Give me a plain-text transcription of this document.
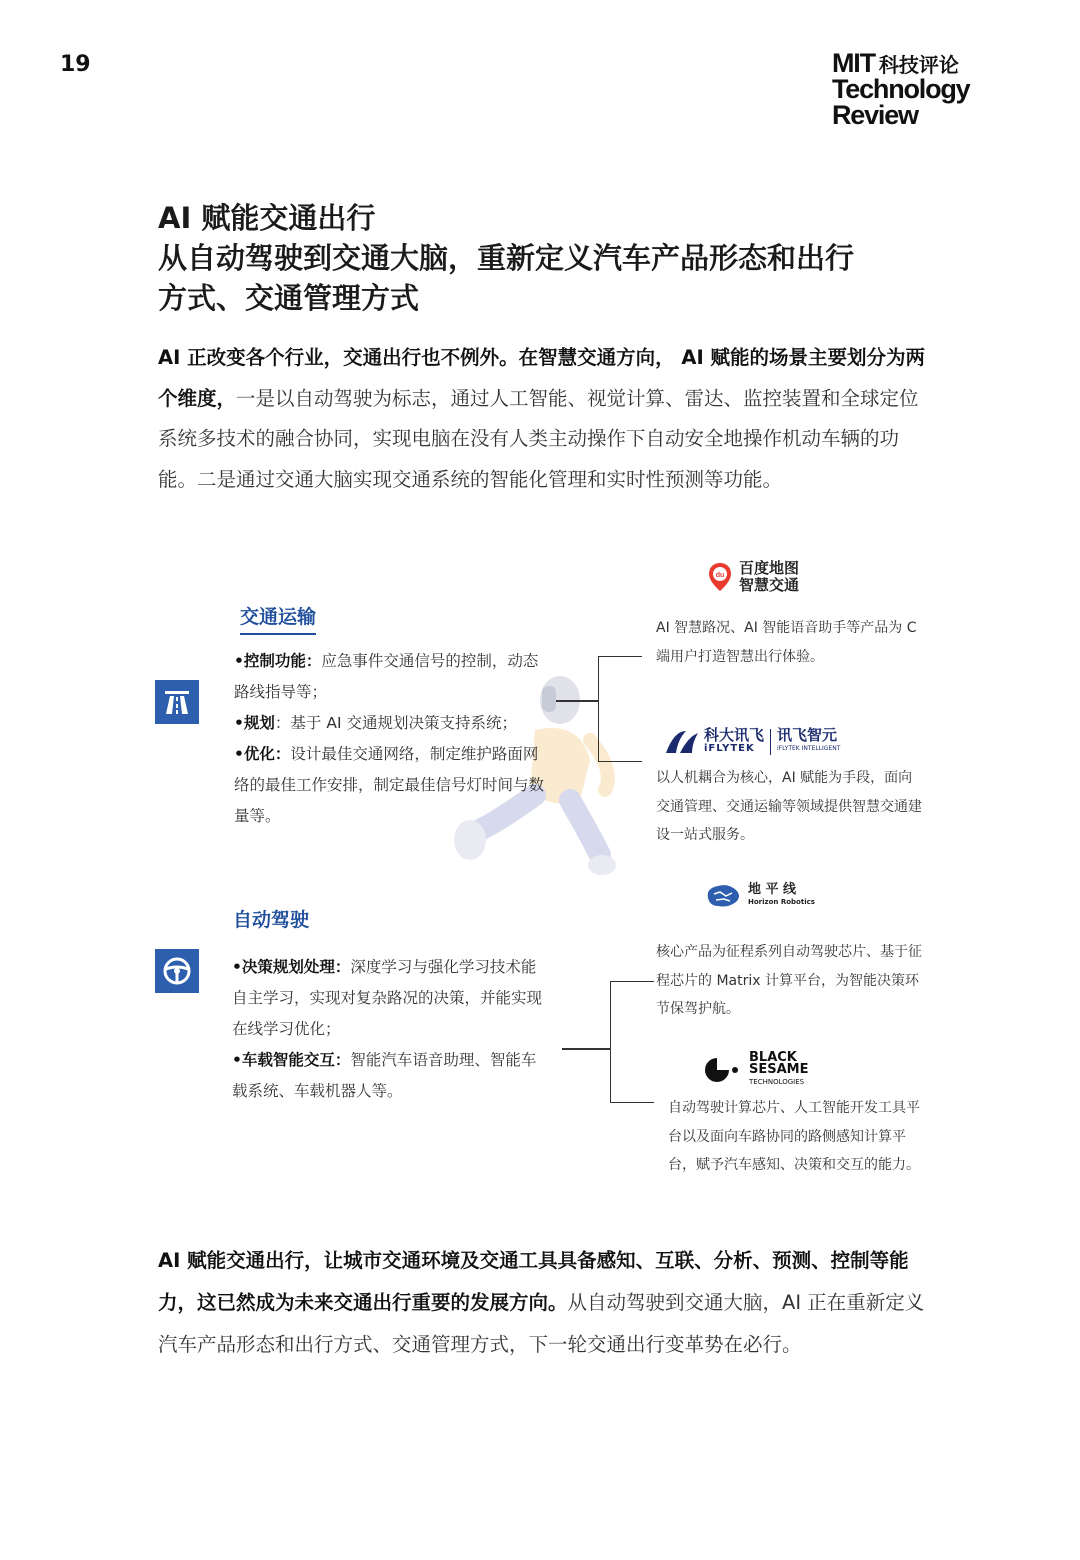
19	MIT 科技评论
Technology
Review
AI 赋能交通出行
从自动驾驶到交通大脑，重新定义汽车产品形态和出行
方式、交通管理方式
AI 正改变各个行业，交通出行也不例外。在智慧交通方向， AI 赋能的场景主要划分为两个维度，一是以自动驾驶为标志，通过人工智能、视觉计算、雷达、监控装置和全球定位系统多技术的融合协同，实现电脑在没有人类主动操作下自动安全地操作机动车辆的功能。二是通过交通大脑实现交通系统的智能化管理和实时性预测等功能。
交通运输
•控制功能：应急事件交通信号的控制，动态路线指导等；
•规划：基于 AI 交通规划决策支持系统；
•优化：设计最佳交通网络，制定维护路面网络的最佳工作安排，制定最佳信号灯时间与数量等。
du 百度地图
智慧交通
AI 智慧路况、AI 智能语音助手等产品为 C 端用户打造智慧出行体验。
科大讯飞
iFLYTEK
讯飞智元
iFLYTEK INTELLIGENT
以人机耦合为核心，AI 赋能为手段，面向交通管理、交通运输等领域提供智慧交通建设一站式服务。
自动驾驶
•决策规划处理：深度学习与强化学习技术能自主学习，实现对复杂路况的决策，并能实现在线学习优化；
•车载智能交互：智能汽车语音助理、智能车载系统、车载机器人等。
地 平 线
Horizon Robotics
核心产品为征程系列自动驾驶芯片、基于征程芯片的 Matrix 计算平台，为智能决策环节保驾护航。
BLACK
SESAME
TECHNOLOGIES
自动驾驶计算芯片、人工智能开发工具平台以及面向车路协同的路侧感知计算平台，赋予汽车感知、决策和交互的能力。
AI 赋能交通出行，让城市交通环境及交通工具具备感知、互联、分析、预测、控制等能力，这已然成为未来交通出行重要的发展方向。从自动驾驶到交通大脑，AI 正在重新定义汽车产品形态和出行方式、交通管理方式，下一轮交通出行变革势在必行。
